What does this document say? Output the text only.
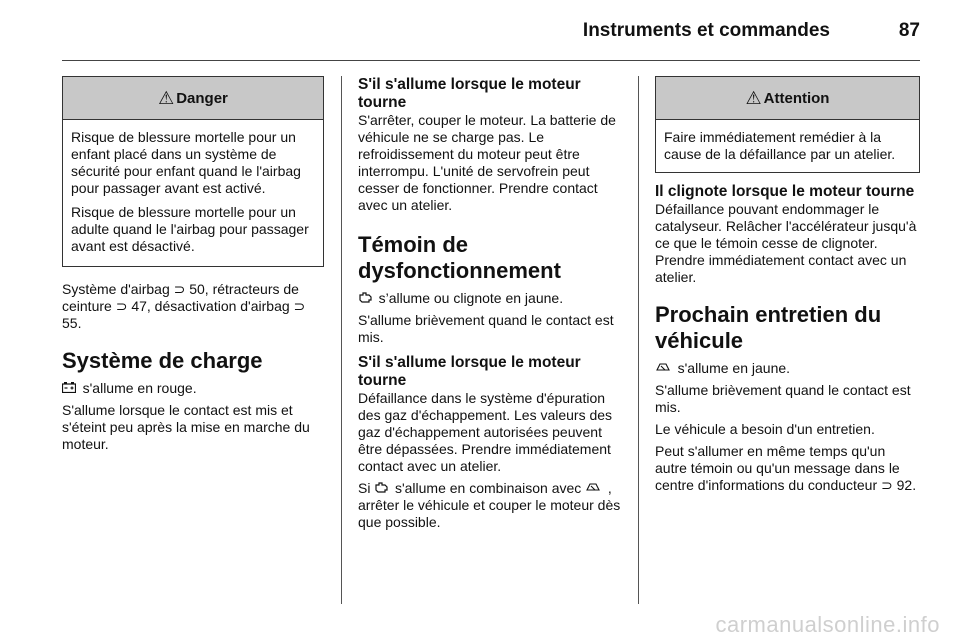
Instruments et commandes	87
⚠ Danger

Risque de blessure mortelle pour un enfant placé dans un système de sécurité pour enfant quand le l'airbag pour passager avant est activé.

Risque de blessure mortelle pour un adulte quand le l'airbag pour passager avant est désactivé.

Système d'airbag ⊃ 50, rétracteurs de ceinture ⊃ 47, désactivation d'airbag ⊃ 55.

Système de charge

s'allume en rouge.

S'allume lorsque le contact est mis et s'éteint peu après la mise en marche du moteur.

S'il s'allume lorsque le moteur tourne

S'arrêter, couper le moteur. La batterie de véhicule ne se charge pas. Le refroidissement du moteur peut être interrompu. L'unité de servofrein peut cesser de fonctionner. Prendre contact avec un atelier.

Témoin de dysfonctionnement

s’allume ou clignote en jaune.

S'allume brièvement quand le contact est mis.

S'il s'allume lorsque le moteur tourne

Défaillance dans le système d'épuration des gaz d'échappement. Les valeurs des gaz d'échappement autorisées peuvent être dépassées. Prendre immédiatement contact avec un atelier.

Si s'allume en combinaison avec , arrêter le véhicule et couper le moteur dès que possible.

⚠ Attention

Faire immédiatement remédier à la cause de la défaillance par un atelier.

Il clignote lorsque le moteur tourne

Défaillance pouvant endommager le catalyseur. Relâcher l'accélérateur jusqu'à ce que le témoin cesse de clignoter. Prendre immédiatement contact avec un atelier.

Prochain entretien du véhicule

s'allume en jaune.

S'allume brièvement quand le contact est mis.

Le véhicule a besoin d'un entretien.

Peut s'allumer en même temps qu'un autre témoin ou qu'un message dans le centre d'informations du conducteur ⊃ 92.

carmanualsonline.info
